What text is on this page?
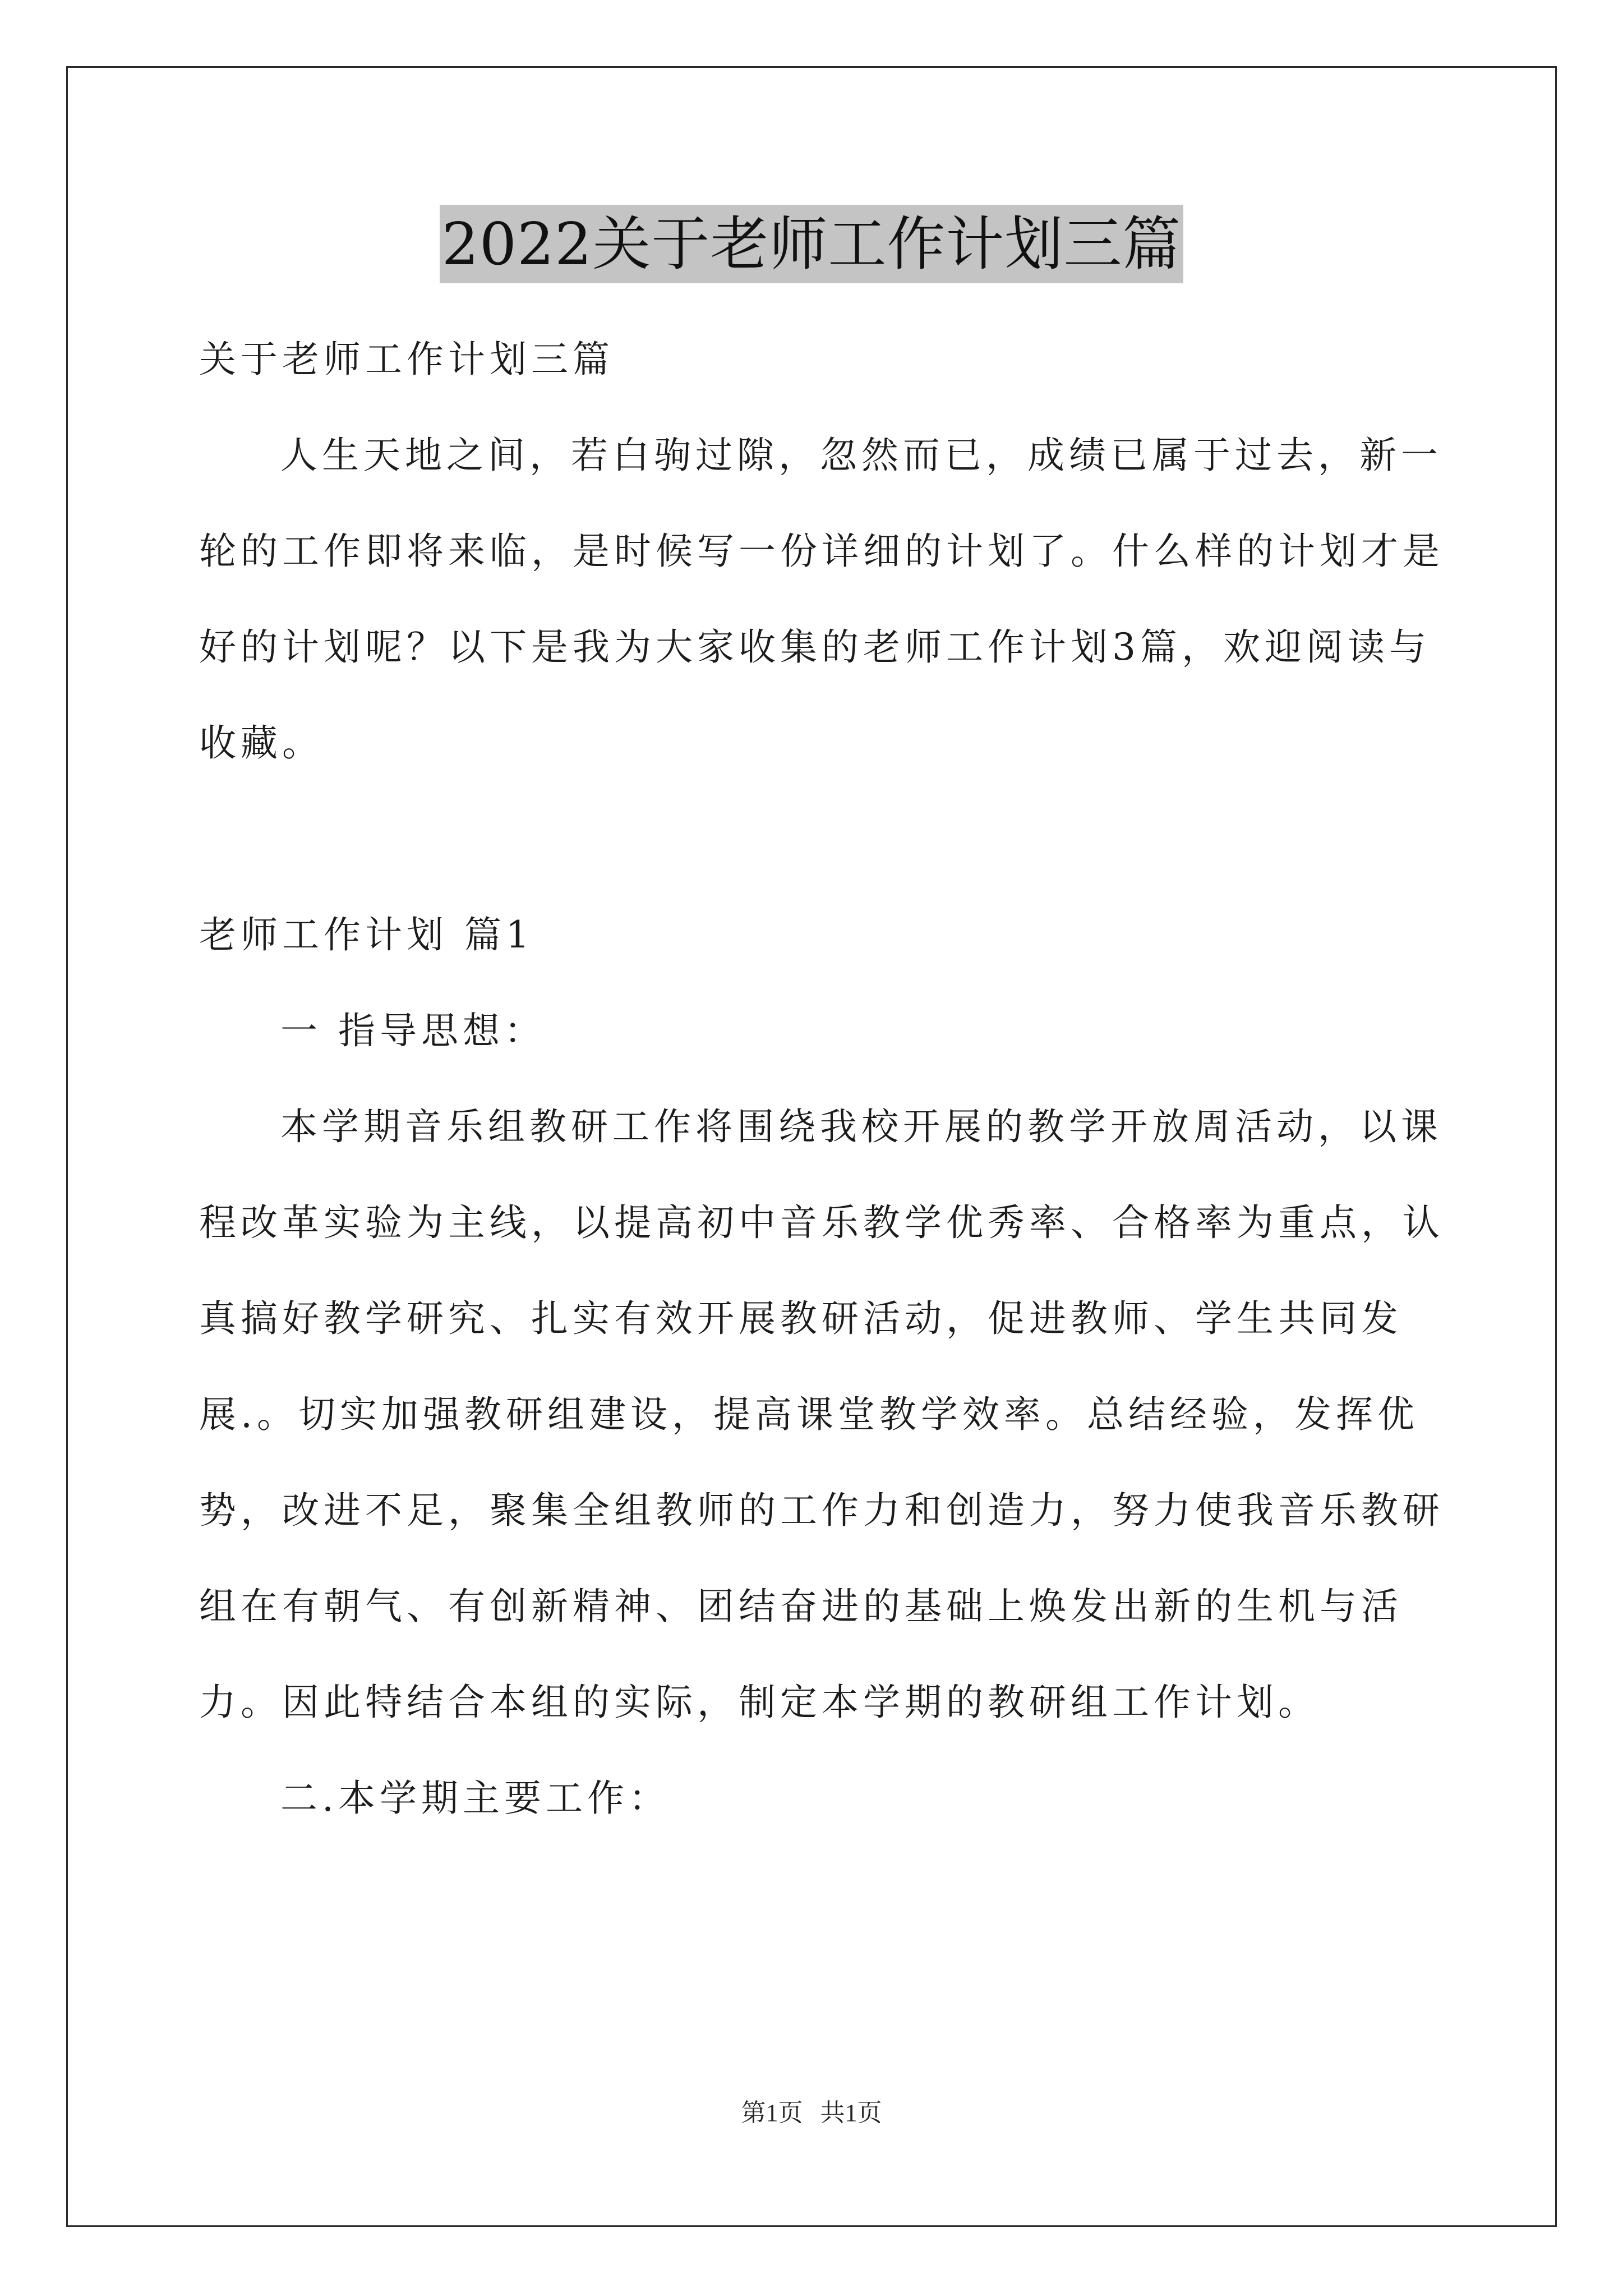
2022关于老师工作计划三篇

关于老师工作计划三篇

人生天地之间，若白驹过隙，忽然而已，成绩已属于过去，新一轮的工作即将来临，是时候写一份详细的计划了。什么样的计划才是好的计划呢？以下是我为大家收集的老师工作计划3篇，欢迎阅读与收藏。

老师工作计划 篇1

一 指导思想：

本学期音乐组教研工作将围绕我校开展的教学开放周活动，以课程改革实验为主线，以提高初中音乐教学优秀率、合格率为重点，认真搞好教学研究、扎实有效开展教研活动，促进教师、学生共同发展.。切实加强教研组建设，提高课堂教学效率。总结经验，发挥优势，改进不足，聚集全组教师的工作力和创造力，努力使我音乐教研组在有朝气、有创新精神、团结奋进的基础上焕发出新的生机与活力。因此特结合本组的实际，制定本学期的教研组工作计划。

二.本学期主要工作：

第1页 共1页
